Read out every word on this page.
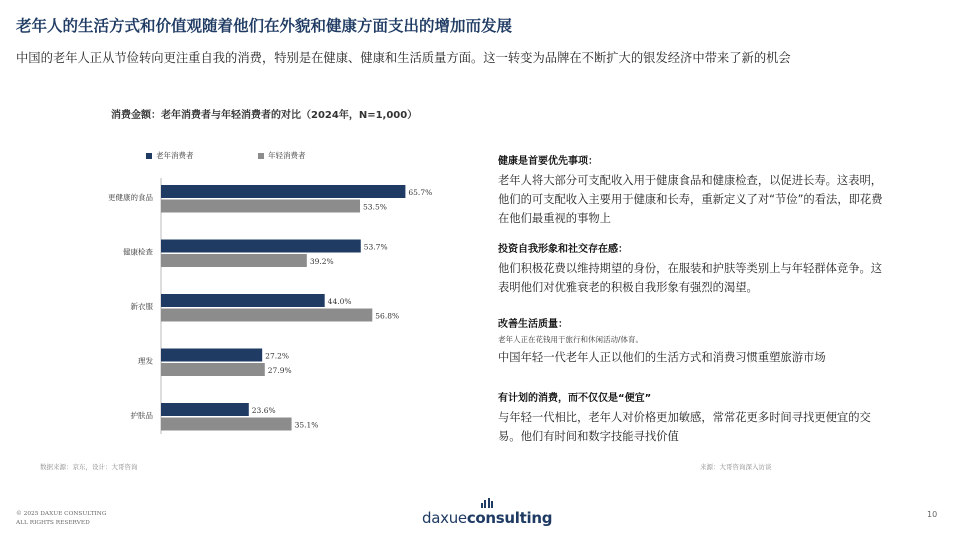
老年人的生活方式和价值观随着他们在外貌和健康方面支出的增加而发展
中国的老年人正从节俭转向更注重自我的消费，特别是在健康、健康和生活质量方面。这一转变为品牌在不断扩大的银发经济中带来了新的机会
消费金额：老年消费者与年轻消费者的对比（2024年，N=1,000）
老年消费者	年轻消费者
更健康的食品
65.7%
53.5%
健康检查
53.7%
39.2%
新衣服
44.0%
56.8%
理发
27.2%
27.9%
护肤品
23.6%
35.1%
数据来源：京东，设计：大哥咨询	来源：大哥咨询深入访谈
健康是首要优先事项：
老年人将大部分可支配收入用于健康食品和健康检查，以促进长寿。这表明，他们的可支配收入主要用于健康和长寿，重新定义了对“节俭”的看法，即花费在他们最重视的事物上
投资自我形象和社交存在感：
他们积极花费以维持期望的身份，在服装和护肤等类别上与年轻群体竞争。这表明他们对优雅衰老的积极自我形象有强烈的渴望。
改善生活质量：
老年人正在花钱用于旅行和休闲活动/体育。
中国年轻一代老年人正以他们的生活方式和消费习惯重塑旅游市场
有计划的消费，而不仅仅是“便宜”
与年轻一代相比，老年人对价格更加敏感，常常花更多时间寻找更便宜的交易。他们有时间和数字技能寻找价值
© 2025 DAXUE CONSULTING
ALL RIGHTS RESERVED	daxueconsulting	10
